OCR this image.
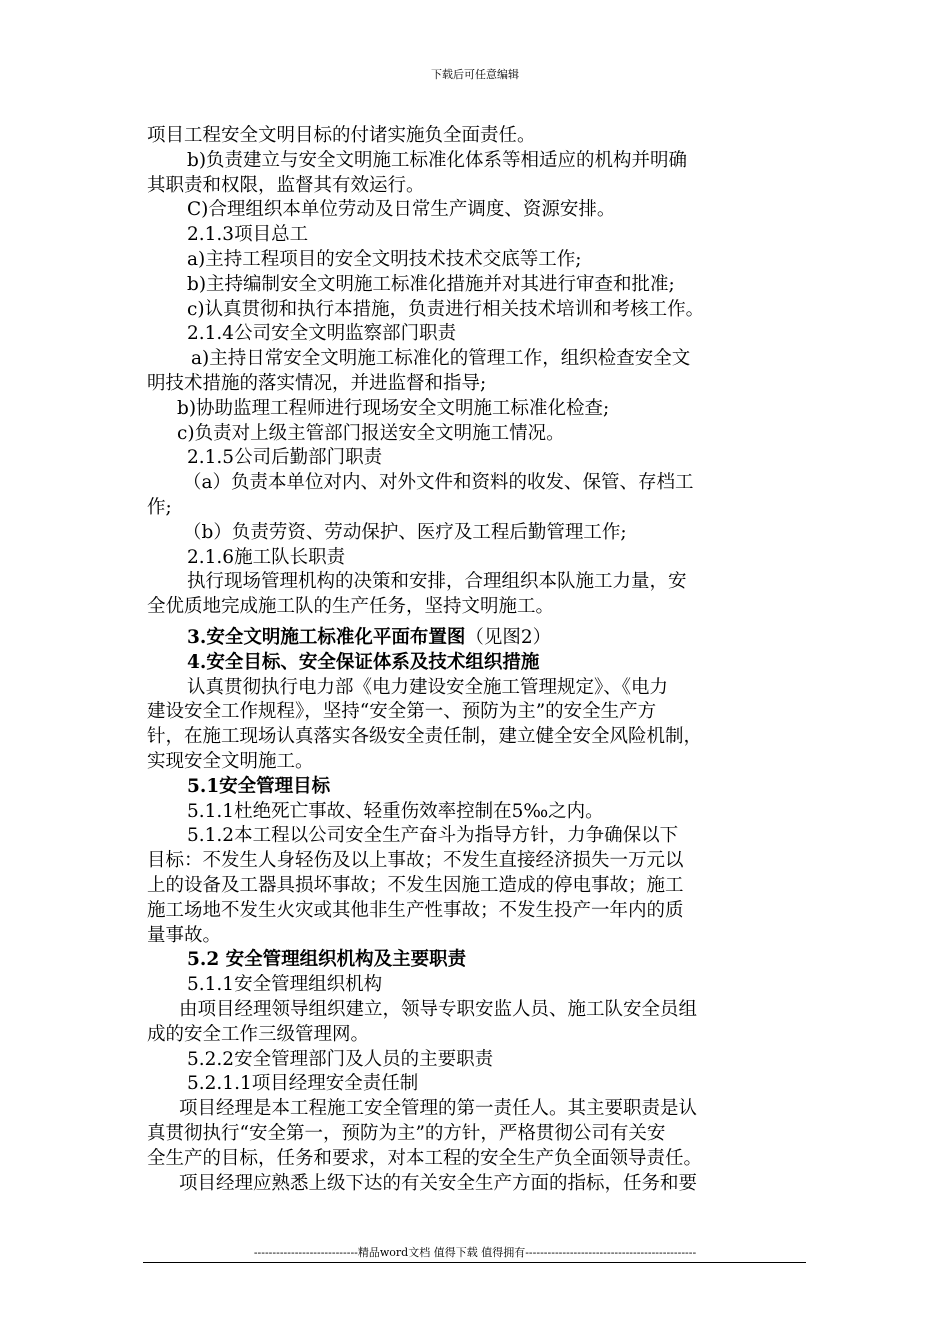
下载后可任意编辑
项目工程安全文明目标的付诸实施负全面责任。
b)负责建立与安全文明施工标准化体系等相适应的机构并明确
其职责和权限，监督其有效运行。
C)合理组织本单位劳动及日常生产调度、资源安排。
2.1.3项目总工
a)主持工程项目的安全文明技术技术交底等工作;
b)主持编制安全文明施工标准化措施并对其进行审查和批准;
c)认真贯彻和执行本措施，负责进行相关技术培训和考核工作。
2.1.4公司安全文明监察部门职责
a)主持日常安全文明施工标准化的管理工作，组织检查安全文
明技术措施的落实情况，并进监督和指导;
b)协助监理工程师进行现场安全文明施工标准化检查;
c)负责对上级主管部门报送安全文明施工情况。
2.1.5公司后勤部门职责
（a）负责本单位对内、对外文件和资料的收发、保管、存档工
作;
（b）负责劳资、劳动保护、医疗及工程后勤管理工作;
2.1.6施工队长职责
执行现场管理机构的决策和安排，合理组织本队施工力量，安
全优质地完成施工队的生产任务，坚持文明施工。
3.安全文明施工标准化平面布置图（见图2）
4.安全目标、安全保证体系及技术组织措施
认真贯彻执行电力部《电力建设安全施工管理规定》、《电力
建设安全工作规程》，坚持“安全第一、预防为主”的安全生产方
针，在施工现场认真落实各级安全责任制，建立健全安全风险机制，
实现安全文明施工。
5.1安全管理目标
5.1.1杜绝死亡事故、轻重伤效率控制在5‰之内。
5.1.2本工程以公司安全生产奋斗为指导方针，力争确保以下
目标：不发生人身轻伤及以上事故；不发生直接经济损失一万元以
上的设备及工器具损坏事故；不发生因施工造成的停电事故；施工
施工场地不发生火灾或其他非生产性事故；不发生投产一年内的质
量事故。
5.2 安全管理组织机构及主要职责
5.1.1安全管理组织机构
由项目经理领导组织建立，领导专职安监人员、施工队安全员组
成的安全工作三级管理网。
5.2.2安全管理部门及人员的主要职责
5.2.1.1项目经理安全责任制
项目经理是本工程施工安全管理的第一责任人。其主要职责是认
真贯彻执行“安全第一，预防为主”的方针，严格贯彻公司有关安
全生产的目标，任务和要求，对本工程的安全生产负全面领导责任。
项目经理应熟悉上级下达的有关安全生产方面的指标，任务和要
----------------------------精品word文档 值得下载 值得拥有----------------------------------------------
